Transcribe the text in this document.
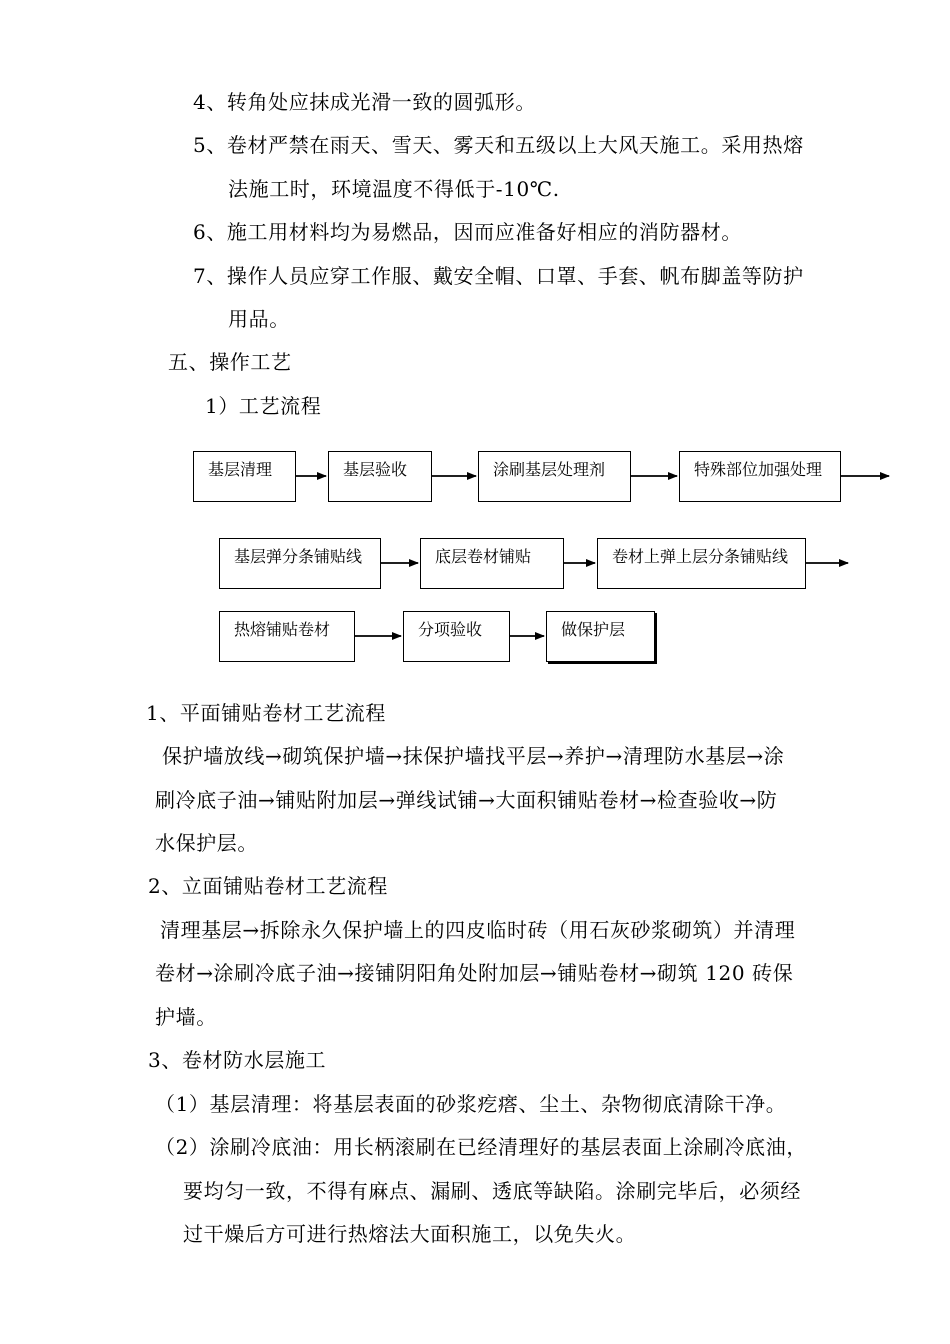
4、转角处应抹成光滑一致的圆弧形。
5、卷材严禁在雨天、雪天、雾天和五级以上大风天施工。采用热熔
法施工时，环境温度不得低于-10℃.
6、施工用材料均为易燃品，因而应准备好相应的消防器材。
7、操作人员应穿工作服、戴安全帽、口罩、手套、帆布脚盖等防护
用品。
五、操作工艺
1）工艺流程
基层清理	基层验收	涂刷基层处理剂	特殊部位加强处理
基层弹分条铺贴线	底层卷材铺贴	卷材上弹上层分条铺贴线
热熔铺贴卷材	分项验收	做保护层
1、平面铺贴卷材工艺流程
保护墙放线→砌筑保护墙→抹保护墙找平层→养护→清理防水基层→涂
刷冷底子油→铺贴附加层→弹线试铺→大面积铺贴卷材→检查验收→防
水保护层。
2、立面铺贴卷材工艺流程
清理基层→拆除永久保护墙上的四皮临时砖（用石灰砂浆砌筑）并清理
卷材→涂刷冷底子油→接铺阴阳角处附加层→铺贴卷材→砌筑 120 砖保
护墙。
3、卷材防水层施工
（1）基层清理：将基层表面的砂浆疙瘩、尘土、杂物彻底清除干净。
（2）涂刷冷底油：用长柄滚刷在已经清理好的基层表面上涂刷冷底油，
要均匀一致，不得有麻点、漏刷、透底等缺陷。涂刷完毕后，必须经
过干燥后方可进行热熔法大面积施工，以免失火。
